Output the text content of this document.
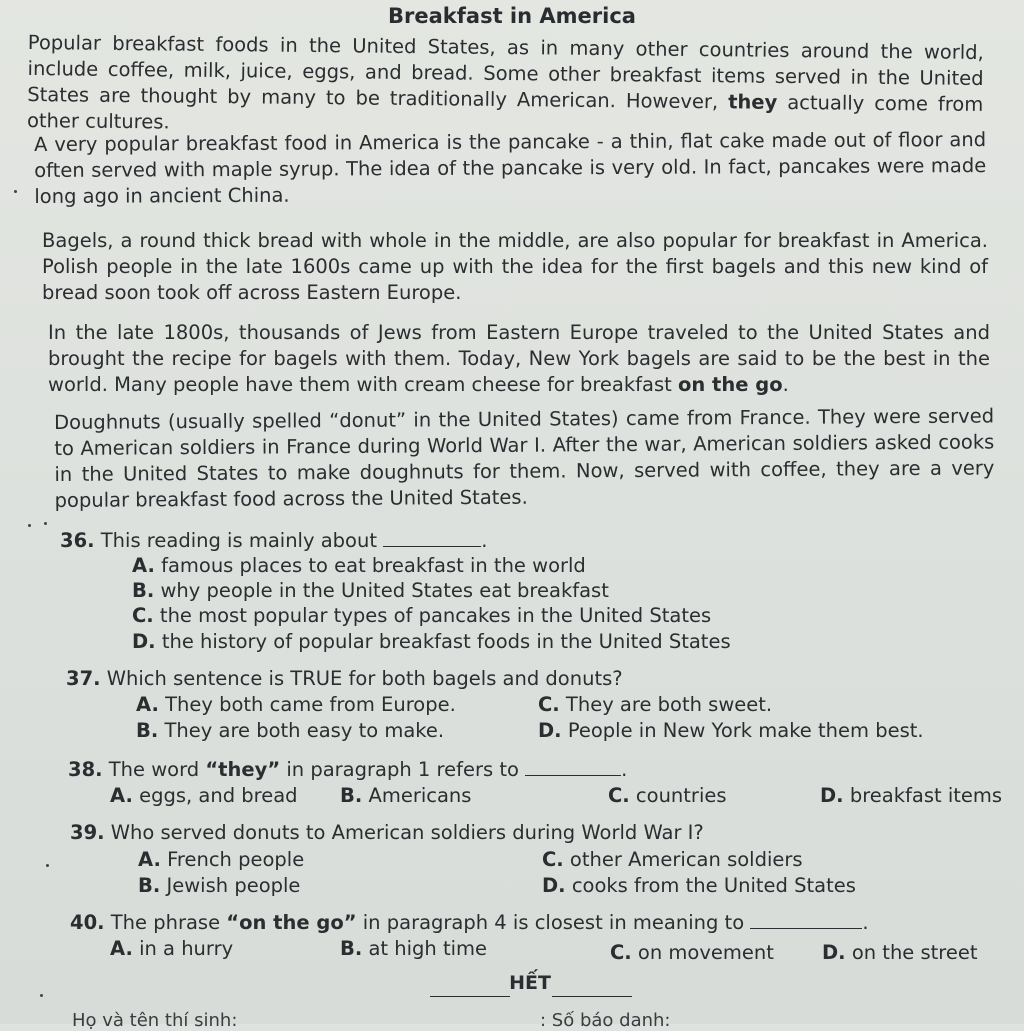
Breakfast in America

Popular breakfast foods in the United States, as in many other countries around the world, include coffee, milk, juice, eggs, and bread. Some other breakfast items served in the United States are thought by many to be traditionally American. However, they actually come from other cultures.

A very popular breakfast food in America is the pancake - a thin, flat cake made out of floor and often served with maple syrup. The idea of the pancake is very old. In fact, pancakes were made long ago in ancient China.

Bagels, a round thick bread with whole in the middle, are also popular for breakfast in America. Polish people in the late 1600s came up with the idea for the first bagels and this new kind of bread soon took off across Eastern Europe.

In the late 1800s, thousands of Jews from Eastern Europe traveled to the United States and brought the recipe for bagels with them. Today, New York bagels are said to be the best in the world. Many people have them with cream cheese for breakfast on the go.

Doughnuts (usually spelled “donut” in the United States) came from France. They were served to American soldiers in France during World War I. After the war, American soldiers asked cooks in the United States to make doughnuts for them. Now, served with coffee, they are a very popular breakfast food across the United States.

36. This reading is mainly about	.
A. famous places to eat breakfast in the world
B. why people in the United States eat breakfast
C. the most popular types of pancakes in the United States
D. the history of popular breakfast foods in the United States
37. Which sentence is TRUE for both bagels and donuts?
A. They both came from Europe.	C. They are both sweet.
B. They are both easy to make.	D. People in New York make them best.
38. The word “they” in paragraph 1 refers to	.
A. eggs, and bread B. Americans	C. countries	D. breakfast items
39. Who served donuts to American soldiers during World War I?
A. French people	C. other American soldiers
B. Jewish people	D. cooks from the United States
40. The phrase “on the go” in paragraph 4 is closest in meaning to	.
A. in a hurry	B. at high time	C. on movement D. on the street
HẾT
Họ và tên thí sinh:	: Số báo danh:
